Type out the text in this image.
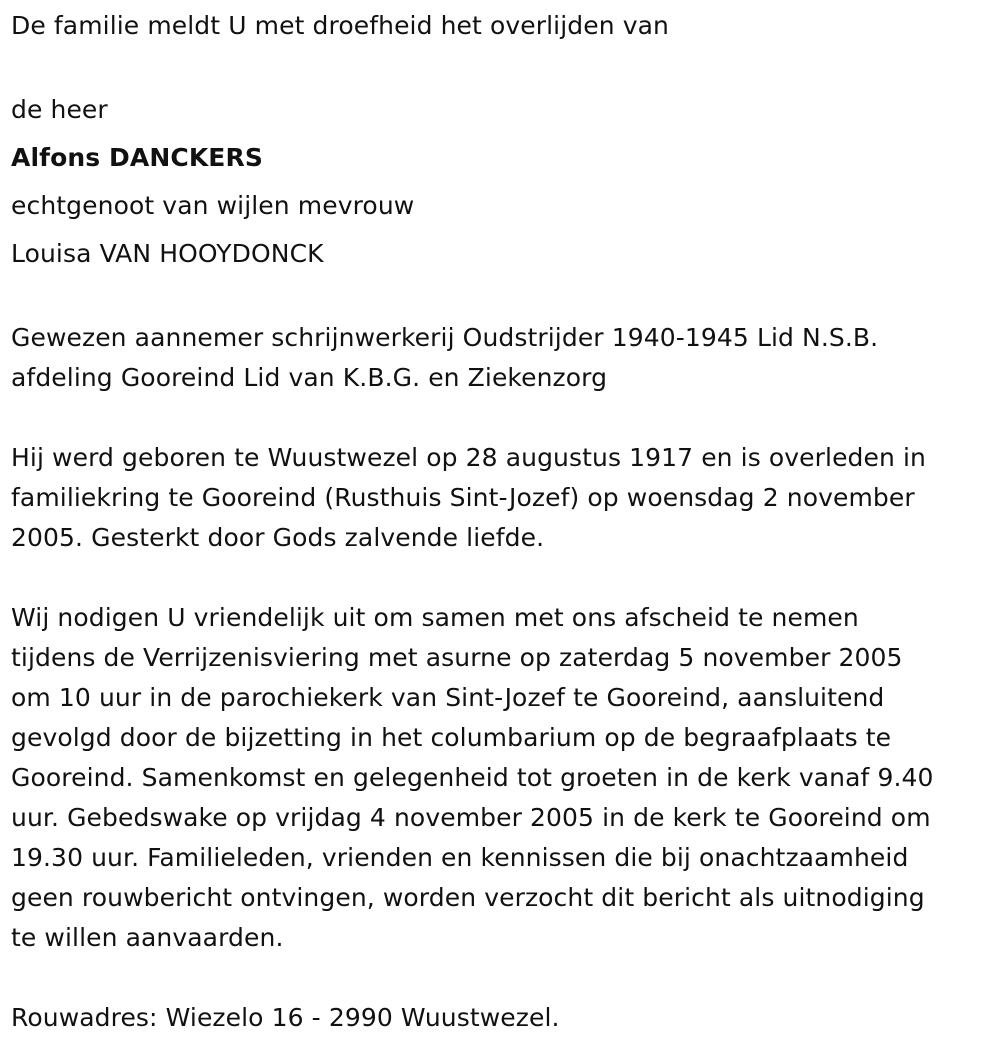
De familie meldt U met droefheid het overlijden van
de heer
Alfons DANCKERS
echtgenoot van wijlen mevrouw
Louisa VAN HOOYDONCK
Gewezen aannemer schrijnwerkerij Oudstrijder 1940-1945 Lid N.S.B.
afdeling Gooreind Lid van K.B.G. en Ziekenzorg
Hij werd geboren te Wuustwezel op 28 augustus 1917 en is overleden in
familiekring te Gooreind (Rusthuis Sint-Jozef) op woensdag 2 november
2005. Gesterkt door Gods zalvende liefde.
Wij nodigen U vriendelijk uit om samen met ons afscheid te nemen
tijdens de Verrijzenisviering met asurne op zaterdag 5 november 2005
om 10 uur in de parochiekerk van Sint-Jozef te Gooreind, aansluitend
gevolgd door de bijzetting in het columbarium op de begraafplaats te
Gooreind. Samenkomst en gelegenheid tot groeten in de kerk vanaf 9.40
uur. Gebedswake op vrijdag 4 november 2005 in de kerk te Gooreind om
19.30 uur. Familieleden, vrienden en kennissen die bij onachtzaamheid
geen rouwbericht ontvingen, worden verzocht dit bericht als uitnodiging
te willen aanvaarden.
Rouwadres: Wiezelo 16 - 2990 Wuustwezel.
